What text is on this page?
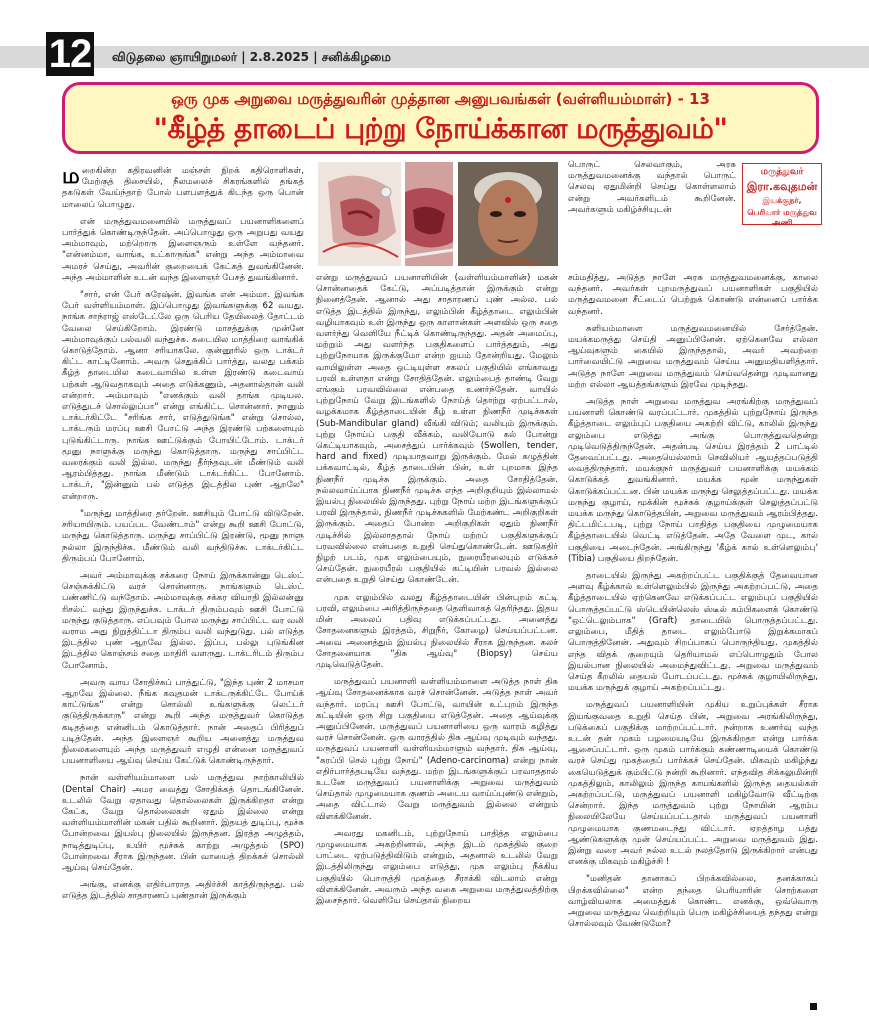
12 விடுதலை ஞாயிறுமலர் | 2.8.2025 | சனிக்கிழமை
ஒரு முக அறுவை மருத்துவரின் முத்தான அனுபவங்கள் (வள்ளியம்மாள்) - 13
"கீழ்த் தாடைப் புற்று நோய்க்கான மருத்துவம்"
மருத்துவர்
இரா.கவுதமன்
இயக்குநர்,
பெரியார் மருத்துவ அணி

மறைகின்ற கதிரவனின் மஞ்சள் நிறக் கதிரொளிகள், மேற்குத் திசையில், நீலமலைச் சிகரங்களில் தங்கத் தகடுகள் வேய்ந்தாற் போல் பளபளத்துக் கிடந்த ஒரு பொன் மாலைப் பொழுது.

என் மருத்துவமனையில் மருத்துவப் பயனாளிகளைப் பார்த்துக் கொண்டிருந்தேன். அப்பொழுது ஒரு அறுபது வயது அம்மாவும், மற்றொரு இளைஞரும் உள்ளே வந்தனர். "என்னம்மா, வாங்க, உட்காருங்க" என்று அந்த அம்மாவை அமரச் செய்து, அவரின் குறையைக் கேட்கத் துவங்கினேன். அந்த அம்மாளின் உடன் வந்த இளைஞர் பேசத் துவங்கினார்.

"சார், என் பேர் சுரேஷ்ன். இவங்க என் அம்மா. இவங்க பேர் வள்ளியம்மாள். இப்பொழுது இவங்களுக்கு 62 வயது. நாங்க சாந்ராஜ் எஸ்டேட்லே ஒரு பெரிய தேயிலைத் தோட்டம் வேலை செய்கிறோம். இரண்டு மாசத்துக்கு முன்னே அம்மாவுக்குப் பல்வலி வந்துச்சு. கடையில மாத்திரை வாங்கிக் கொடுத்தோம். ஆனா சரியாகலே. குன்னூரில் ஒரு டாக்டர் கிட்ட காட்டினோம். அவரு செதுக்கிப் பார்த்து, வலது பக்கம் கீழ்த் தாடையில கடைவாயில உள்ள இரண்டு கடைவாய் பற்கள் ஆடுவதாகவும் அதை எடுக்கணும், அதனால்தான் வலி என்றார். அம்மாவும் "எனக்கும் வலி தாங்க முடியல. எடுத்துடச் சொல்லுப்பா" என்று எங்கிட்ட சொன்னார். நானும் டாக்டர்கிட்டே "சரிங்க சார், எடுத்துடுங்க" என்று சொல்ல, டாக்டரும் மரப்பு ஊசி போட்டு அந்த இரண்டு பற்களையும் புடுங்கிட்டாரு. நாங்க ஊட்டுக்கும் போயிட்டோம். டாக்டர் மூனு நாளுக்கு மருந்து கொடுத்தாரு. மருந்து சாப்பிட்ட வரைக்கும் வலி இல்ல. மருந்து தீர்ந்தவுடன் மீண்டும் வலி ஆரம்பித்தது. நாங்க மீண்டும் டாக்டர்கிட்ட போனோம். டாக்டர், "இன்னும் பல் எடுத்த இடத்தில புண் ஆறலே" என்றாரு.

"மருந்து மாத்திரை தர்றேன். ஊசியும் போட்டு விடுறேன். சரியாயிரும். பயப்பட வேண்டாம்" என்று கூறி ஊசி போட்டு, மருந்து கொடுத்தாரு. மருந்து சாப்பிட்டு இரண்டு, மூனு நாளு நல்லா இருந்திச்சு. மீண்டும் வலி வந்திடுச்சு. டாக்டர்கிட்ட திரும்பப் போனோம்.

அவர் அம்மாவுக்கு சக்கரை நோய் இருக்கான்னு டெஸ்ட் செஞ்சுக்கிட்டு வரச் சொன்னாரு. நாங்களும் டெஸ்ட் பண்ணிட்டு வந்தோம். அம்மாவுக்கு சக்கர வியாதி இல்லன்னு ரிசல்ட் வந்து இருந்துச்சு. டாக்டர் திரும்பவும் ஊசி போட்டு மருந்து குடுத்தாரு. எப்பவும் போல மருந்து சாப்பிட்ட வர வலி வராம அது நிறுத்திட்டா திரும்ப வலி வந்துடுது. பல் எடுத்த இடத்தில புண் ஆறவே இல்ல. இப்ப, பல்லு புடுங்கின இடத்தில கொஞ்சம் சதை மாதிரி வளருது. டாக்டரிடம் திரும்ப போனோம்.

அவரு வாய சோதிச்சுப் பாத்துட்டு, "இந்த புண் 2 மாசமா ஆறவே இல்லை. நீங்க கவுதமன் டாக்டருக்கிட்டே போய்க் காட்டுங்க" என்று சொல்லி உங்களுக்கு லெட்டர் குடுத்திருக்காரு" என்று கூறி அந்த மருத்துவர் கொடுத்த கடிதத்தை என்னிடம் கொடுத்தார். நான் அதைப் பிரித்துப் படித்தேன். அந்த இளைஞர் கூறிய அனைத்து மருத்துவ நிலைகளையும் அந்த மருத்துவர் எழுதி என்னை மருத்துவப் பயனாளியை ஆய்வு செய்ய கேட்டுக் கொண்டிருந்தார்.

நான் வள்ளியம்மாளை பல் மருத்துவ நாற்காலியில் (Dental Chair) அமர வைத்து சோதிக்கத் தொடங்கினேன். உடலில் வேறு ஏதாவது தொல்லைகள் இருக்கிறதா என்று கேட்க, வேறு தொல்லைகள் ஏதும் இல்லை என்று வள்ளியம்மாளின் மகன் பதில் கூறினார். இதயத் துடிப்பு, மூச்சு போன்றவை இயல்பு நிலையில் இருந்தன. இரத்த அழுத்தம், நாடித்துடிப்பு, உயிர் மூச்சுக் காற்று அழுத்தம் (SPO) போன்றவை சீராக இருந்தன. பின் வாயைத் திறக்கச் சொல்லி ஆய்வு செய்தேன்.

அங்கு, எனக்கு எதிர்பாராத அதிர்ச்சி காத்திருந்தது. பல் எடுத்த இடத்தில் சாதாரணப் புண்தான் இருக்கும்

பொருட் செலவாகும், அரசு மருத்துவமனைக்கு வந்தால் பொருட் செலவு ஏதுமின்றி செய்து கொள்ளலாம் என்று அவர்களிடம் கூறினேன். அவர்களும் மகிழ்ச்சியுடன்

என்று மருத்துவப் பயனாளியின் (வள்ளியம்மாளின்) மகன் சொன்னதைக் கேட்டு, அப்படித்தான் இருக்கும் என்று நினைத்தேன். ஆனால் அது சாதாரணப் புண் அல்ல. பல் எடுத்த இடத்தில் இருந்து, எலும்பின் கீழ்த்தாடை எலும்பின் வழியாகவும் உள் இருந்து ஒரு காளான்கள் அளவில் ஒரு சதை வளர்ந்து வெளியே நீட்டிக் கொண்டிருந்தது. அதன் அமைப்பு, மற்றும் அது வளர்ந்த பகுதிகளைப் பார்த்ததும், அது புற்றுநோயாக இருக்குமோ என்ற ஐயம் தோன்றியது. மேலும் வாயிலுள்ள அதை ஒட்டியுள்ள சகலப் பகுதியில் எங்காவது பரவி உள்ளதா என்று சோதித்தேன். எலும்பைத் தாண்டி வேறு எங்கும் பரவவில்லை என்பதை உணர்ந்தேன். வாயில் புற்றுநோய் வேறு இடங்களில் நோய்த் தொற்று ஏற்பட்டால், வழக்கமாக கீழ்த்தாடையின் கீழ் உள்ள நிணநீர் முடிச்சுகள் (Sub-Mandibular gland) வீங்கி விடும்; வலியும் இருக்கும். புற்று நோய்ப் பகுதி வீக்கம், வலியோடு கல் போன்று கெட்டியாகவும், அசைத்துப் பார்க்கவும் (Swollen, tender, hard and fixed) முடியாதவாறு இருக்கும். மேல் கழுத்தின் பக்கவாட்டில், கீழ்த் தாடையின் பின், உள் புறமாக இந்த நிணநீர் முடிச்சு இருக்கும். அதை சோதித்தேன். நல்லவாய்ப்பாக நிணநீர் முடிச்சு எந்த அறிகுறியும் இல்லாமல் இயல்பு நிலையில் இருந்தது. புற்று நோய் மற்ற இடங்களுக்குப் பரவி இருந்தால், நிணநீர் முடிச்சுகளில் மேற்கண்ட அறிகுறிகள் இருக்கும். அதைப் போன்ற அறிகுறிகள் ஏதும் நிணநீர் முடிச்சில் இல்லாததால் நோய் மற்றப் பகுதிகளுக்குப் பரவவில்லை என்பதை உறுதி செய்துகொண்டேன். ஊடுகதிர் நிழற் படம், முக எலும்பையும், நுரையீரலையும் எடுக்கச் செய்தேன். நுரையீரல் பகுதியில் கட்டியின் பரவல் இல்லை என்பதை உறுதி செய்து கொண்டேன்.

முக எலும்பில் வலது கீழ்த்தாடையின் பின்புறம் கட்டி பரவி, எலும்பை அரித்திருந்ததை தெளிவாகத் தெரிந்தது. இதய மின் அலைப் பதிவு எடுக்கப்பட்டது. அனைத்து சோதனைகளும் இரத்தம், சிறுநீர், கோழை) செய்யப்பட்டன. அவை அனைத்தும் இயல்பு நிலையில் சீராக இருந்தன. கலச் சோதனையாக "திசு ஆய்வு" (Biopsy) செய்ய முடிவெடுத்தேன்.

மருத்துவப் பயனாளி வள்ளியம்மாளை அடுத்த நாள் திசு ஆய்வு சோதனைக்காக வரச் சொன்னேன். அடுத்த நாள் அவர் வந்தார். மரப்பு ஊசி போட்டு, வாயின் உட்புறம் இருந்த கட்டியின் ஒரு சிறு பகுதியை எடுத்தேன். அதை ஆய்வுக்கு அனுப்பினேன். மருத்துவப் பயனாளியை ஒரு வாரம் கழித்து வரச் சொன்னேன். ஒரு வாரத்தில் திசு ஆய்வு முடிவும் வந்தது. மருத்துவப் பயனாளி வள்ளியம்மாளும் வந்தார். திசு ஆய்வு, "சுரப்பி செல் புற்று நோய்" (Adeno-carcinoma) என்று நான் எதிர்பார்த்தபடியே வந்தது. மற்ற இடங்களுக்குப் பரவாததால் உடனே மருத்துவப் பயனாளிக்கு அறுவை மருத்துவம் செய்தால் முழுமையாக குணம் அடைய வாய்ப்புண்டு என்றும், அதை விட்டால் வேறு மருத்துவம் இல்லை என்றும் விளக்கினேன்.

அவரது மகனிடம், புற்றுநோய் பாதித்த எலும்பை முழுமையாக அகற்றினால், அந்த இடம் முகத்தில் குறை பாட்டை ஏற்படுத்திவிடும் என்றும், அதனால் உடலில் வேறு இடத்திலிருந்து எலும்பை எடுத்து, முக எலும்பு நீக்கிய பகுதியில் பொருத்தி முகத்தை சீராக்கி விடலாம் என்று விளக்கினேன். அவரும் அந்த வகை அறுவை மருத்துவத்திற்கு இசைந்தார். வெளியே செய்தால் நிறைய

சம்மதித்து, அடுத்த நாளே அரசு மருத்துவமனைக்கு, காலை வந்தனர். அவர்கள் புறமருத்துவப் பயனாளிகள் பகுதியில் மருத்துவமனை சீட்டைப் பெற்றுக் கொண்டு என்னைப் பார்க்க வந்தனர்.

சுளியம்மாளை மருத்துவமனையில் சேர்த்தேன். மயக்கமருத்து செய்தி அனுப்பினேன். ஏற்கெனவே எல்லா ஆய்வுகளும் கையில் இருந்ததால், அவர் அவற்றை பார்வையிட்டு அறுவை மருத்துவம் செய்ய அனுமதியளித்தார். அடுத்த நாளே அறுவை மருத்துவம் செய்வதென்று முடிவானது மற்ற எல்லா ஆயத்தங்களும் இரவே முடிந்தது.

அடுத்த நாள் அறுவை மருத்துவ அரங்கிற்கு மருத்துவப் பயனாளி கொண்டு வரப்பட்டார். முகத்தில் புற்றுநோய் இருந்த கீழ்த்தாடை எலும்புப் பகுதியை அகற்றி விட்டு, காலில் இருந்து எலும்பை எடுத்து அங்கு பொருத்துவதென்று முடிவெடுத்திருந்தேன். அதன்படி செய்ய இரத்தம் 2 பாட்டில் தேவைப்பட்டது. அதையெல்லாம் செவிலியர் ஆயத்தப்படுத்தி வைத்திருந்தார். மயக்குநர் மருத்துவர் பயனாளிக்கு மயக்கம் கொடுக்கத் துவங்கினார். மயக்க மூன் மருந்துகள் கொடுக்கப்பட்டன. பின் மயக்க மருந்து செலுத்தப்பட்டது. மயக்க மருந்து குழாய், மூக்கின் மூச்சுக் குழாய்க்குள் செலுத்தப்பட்டு மயக்க மருந்து கொடுத்தபின், அறுவை மருத்துவம் ஆரம்பித்தது. திட்டமிட்டபடி, புற்று நோய் பாதித்த பகுதியை முழுமையாக கீழ்த்தாடையில் வெட்டி எடுத்தேன். அதே வேளை முட, கால் பகுதியை அடைந்தேன். அங்கிருந்து 'கீழ்க் கால் உள்ளெலும்பு' (Tibia) பகுதியை திறந்தேன்.

தாடையில் இருந்து அகற்றப்பட்ட பகுதிக்குத் தேவையான அளவு கீழ்க்கால் உள்ளெலும்பில் இருந்து அகற்றப்பட்டு, அதை கீழ்த்தாடையில் ஏற்கெனவே எடுக்கப்பட்ட எலும்புப் பகுதியில் பொருத்தப்பட்டு ஸ்டெயின்லெஸ் ஸ்டீல் கம்பிகளைக் கொண்டு "ஒட்டெலும்பாக" (Graft) தாடையில் பொருத்தப்பட்டது. எலும்பை, மீதித் தாடை எலும்போடு இறுக்கமாகப் பொருத்தினேன். அதுவும் சிறப்பாகப் பொருந்தியது. முகத்தில் எந்த விதக் குறையும் தெரியாமல் எப்பொழுதும் போல இயல்பான நிலையில் அமைந்துவிட்டது. அறுவை மருத்துவம் செய்த கீறலில் தையல் போடப்பட்டது. மூச்சுக் குழாயிலிருந்து, மயக்க மருந்துக் குழாய் அகற்றப்பட்டது.

மருத்துவப் பயனாளியின் முகிய உறுப்புக்கள் சீராக இயங்குவதை உறுதி செய்த பின், அறுவை அரங்கிலிருந்து, படுக்கைப் பகுதிக்கு மாற்றப்பட்டார். நன்றாக உணர்வு வந்த உடன் தன் முகம் பழமையடியே இருக்கிறதா என்று பார்க்க ஆசைப்பட்டார். ஒரு முகம் பார்க்கும் கண்ணாடியைக் கொண்டு வரச் செய்து முகத்தைப் பார்க்கச் செய்தேன். மிகவும் மகிழ்ந்து கையெடுத்துக் கும்பிட்டு நன்றி கூறினார். எந்தவித சிக்கலுமின்றி முகத்திலும், காலிலும் இருந்த காயங்களில் இருந்த தையல்கள் அகற்றப்பட்டு, மருத்துவப் பயனாளி மகிழ்வோடு வீட்டிற்கு சென்றார். இந்த மருத்துவம் புற்று நோயின் ஆரம்ப நிலையிலேயே செய்யப்பட்டதால் மருத்துவப் பயனாளி முழுமையாக குணமடைந்து விட்டார். ஏறத்தாழ பத்து ஆண்டுகளுக்கு முன் செய்யப்பட்ட அறுவை மருத்துவம் இது. இன்று வரை அவர் நல்ல உடல் நலத்தோடு இருக்கிறார் என்பது எனக்கு மிகவும் மகிழ்ச்சி !

"மனிதன் தானாகப் பிறக்கவில்லை, தனக்காகப் பிறக்கவில்லை" என்ற தந்தை பெரியாரின் சொற்களை வாழ்வியலாக அமைத்துக் கொண்ட எனக்கு, ஒவ்வொரு அறுவை மருத்துவ வெற்றியும் பெரு மகிழ்ச்சியைத் தந்தது என்று சொல்லவும் வேண்டுமோ?
